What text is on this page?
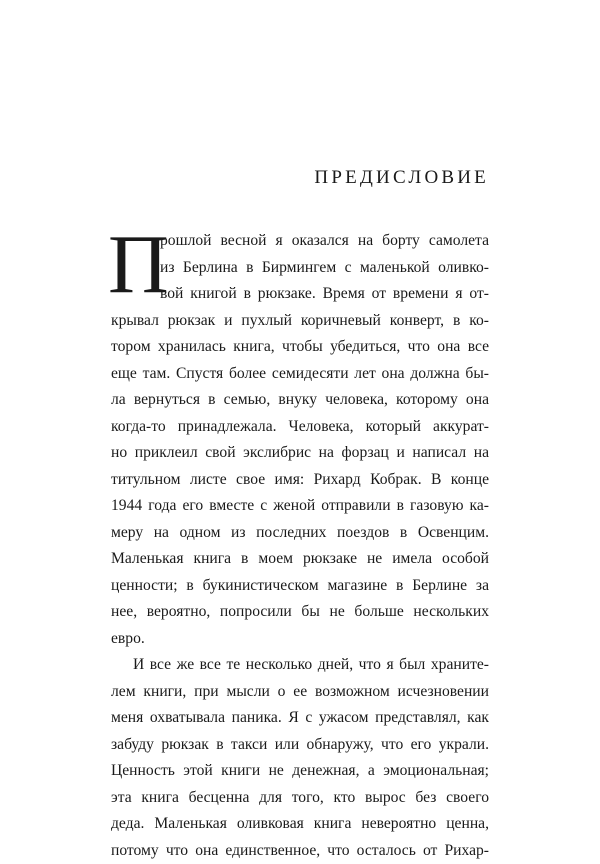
ПРЕДИСЛОВИЕ
П
рошлой весной я оказался на борту самолета
из Берлина в Бирмингем с маленькой оливко-
вой книгой в рюкзаке. Время от времени я от-
крывал рюкзак и пухлый коричневый конверт, в ко-
тором хранилась книга, чтобы убедиться, что она все
еще там. Спустя более семидесяти лет она должна бы-
ла вернуться в семью, внуку человека, которому она
когда-то принадлежала. Человека, который аккурат-
но приклеил свой экслибрис на форзац и написал на
титульном листе свое имя: Рихард Кобрак. В конце
1944 года его вместе с женой отправили в газовую ка-
меру на одном из последних поездов в Освенцим.
Маленькая книга в моем рюкзаке не имела особой
ценности; в букинистическом магазине в Берлине за
нее, вероятно, попросили бы не больше нескольких
евро.
И все же все те несколько дней, что я был хранитe-
лем книги, при мысли о ее возможном исчезновении
меня охватывала паника. Я с ужасом представлял, как
забуду рюкзак в такси или обнаружу, что его украли.
Ценность этой книги не денежная, а эмоциональная;
эта книга бесценна для того, кто вырос без своего
деда. Маленькая оливковая книга невероятно ценна,
потому что она единственное, что осталось от Рихар-
